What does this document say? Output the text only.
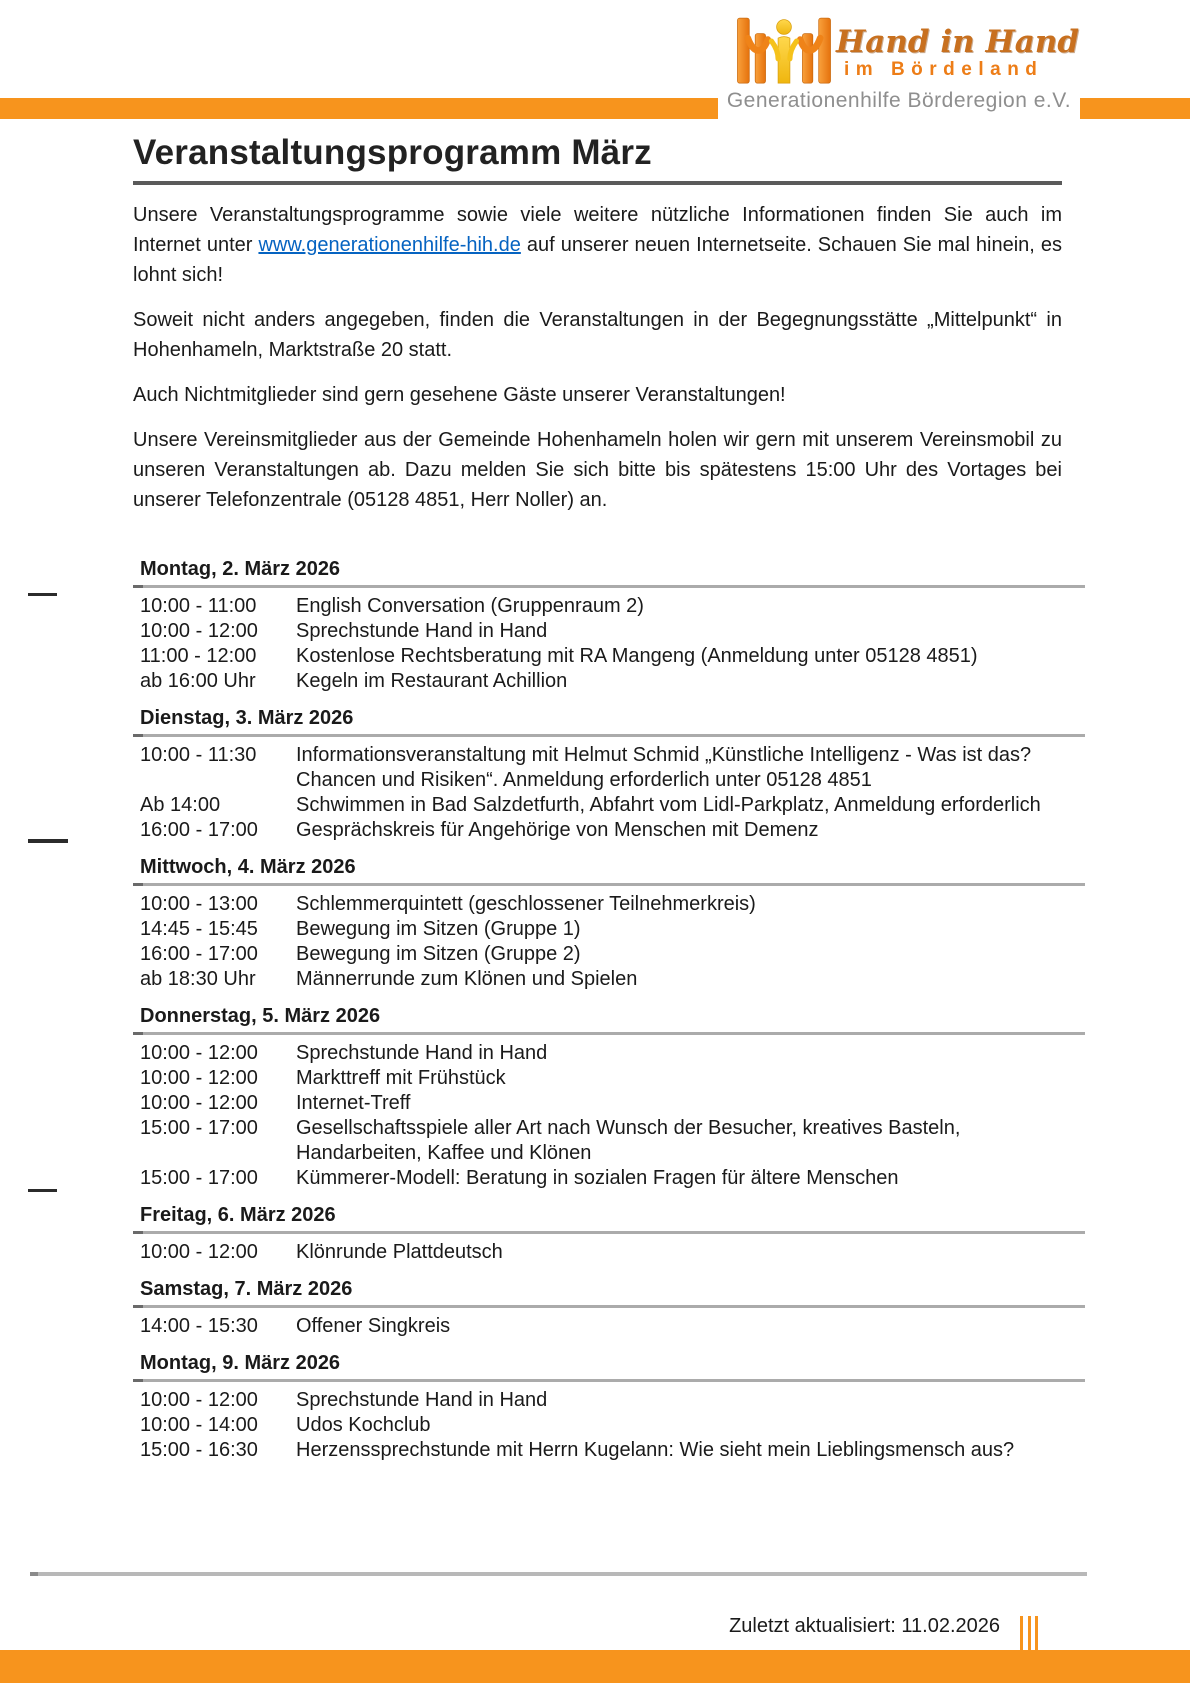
Hand in Hand
im Bördeland
Generationenhilfe Börderegion e.V.
Veranstaltungsprogramm März

Unsere Veranstaltungsprogramme sowie viele weitere nützliche Informationen finden Sie auch im Internet unter www.generationenhilfe-hih.de auf unserer neuen Internetseite. Schauen Sie mal hinein, es lohnt sich!

Soweit nicht anders angegeben, finden die Veranstaltungen in der Begegnungsstätte „Mittelpunkt“ in Hohenhameln, Marktstraße 20 statt.

Auch Nichtmitglieder sind gern gesehene Gäste unserer Veranstaltungen!

Unsere Vereinsmitglieder aus der Gemeinde Hohenhameln holen wir gern mit unserem Vereinsmobil zu unseren Veranstaltungen ab. Dazu melden Sie sich bitte bis spätestens 15:00 Uhr des Vortages bei unserer Telefonzentrale (05128 4851, Herr Noller) an.

Montag, 2. März 2026
10:00 - 11:00	English Conversation (Gruppenraum 2)
10:00 - 12:00	Sprechstunde Hand in Hand
11:00 - 12:00	Kostenlose Rechtsberatung mit RA Mangeng (Anmeldung unter 05128 4851)
ab 16:00 Uhr	Kegeln im Restaurant Achillion
Dienstag, 3. März 2026
10:00 - 11:30	Informationsveranstaltung mit Helmut Schmid „Künstliche Intelligenz - Was ist das? Chancen und Risiken“. Anmeldung erforderlich unter 05128 4851
Ab 14:00	Schwimmen in Bad Salzdetfurth, Abfahrt vom Lidl-Parkplatz, Anmeldung erforderlich
16:00 - 17:00	Gesprächskreis für Angehörige von Menschen mit Demenz
Mittwoch, 4. März 2026
10:00 - 13:00	Schlemmerquintett (geschlossener Teilnehmerkreis)
14:45 - 15:45	Bewegung im Sitzen (Gruppe 1)
16:00 - 17:00	Bewegung im Sitzen (Gruppe 2)
ab 18:30 Uhr	Männerrunde zum Klönen und Spielen
Donnerstag, 5. März 2026
10:00 - 12:00	Sprechstunde Hand in Hand
10:00 - 12:00	Markttreff mit Frühstück
10:00 - 12:00	Internet-Treff
15:00 - 17:00	Gesellschaftsspiele aller Art nach Wunsch der Besucher, kreatives Basteln, Handarbeiten, Kaffee und Klönen
15:00 - 17:00	Kümmerer-Modell: Beratung in sozialen Fragen für ältere Menschen
Freitag, 6. März 2026
10:00 - 12:00	Klönrunde Plattdeutsch
Samstag, 7. März 2026
14:00 - 15:30	Offener Singkreis
Montag, 9. März 2026
10:00 - 12:00	Sprechstunde Hand in Hand
10:00 - 14:00	Udos Kochclub
15:00 - 16:30	Herzenssprechstunde mit Herrn Kugelann: Wie sieht mein Lieblingsmensch aus?
Zuletzt aktualisiert: 11.02.2026
